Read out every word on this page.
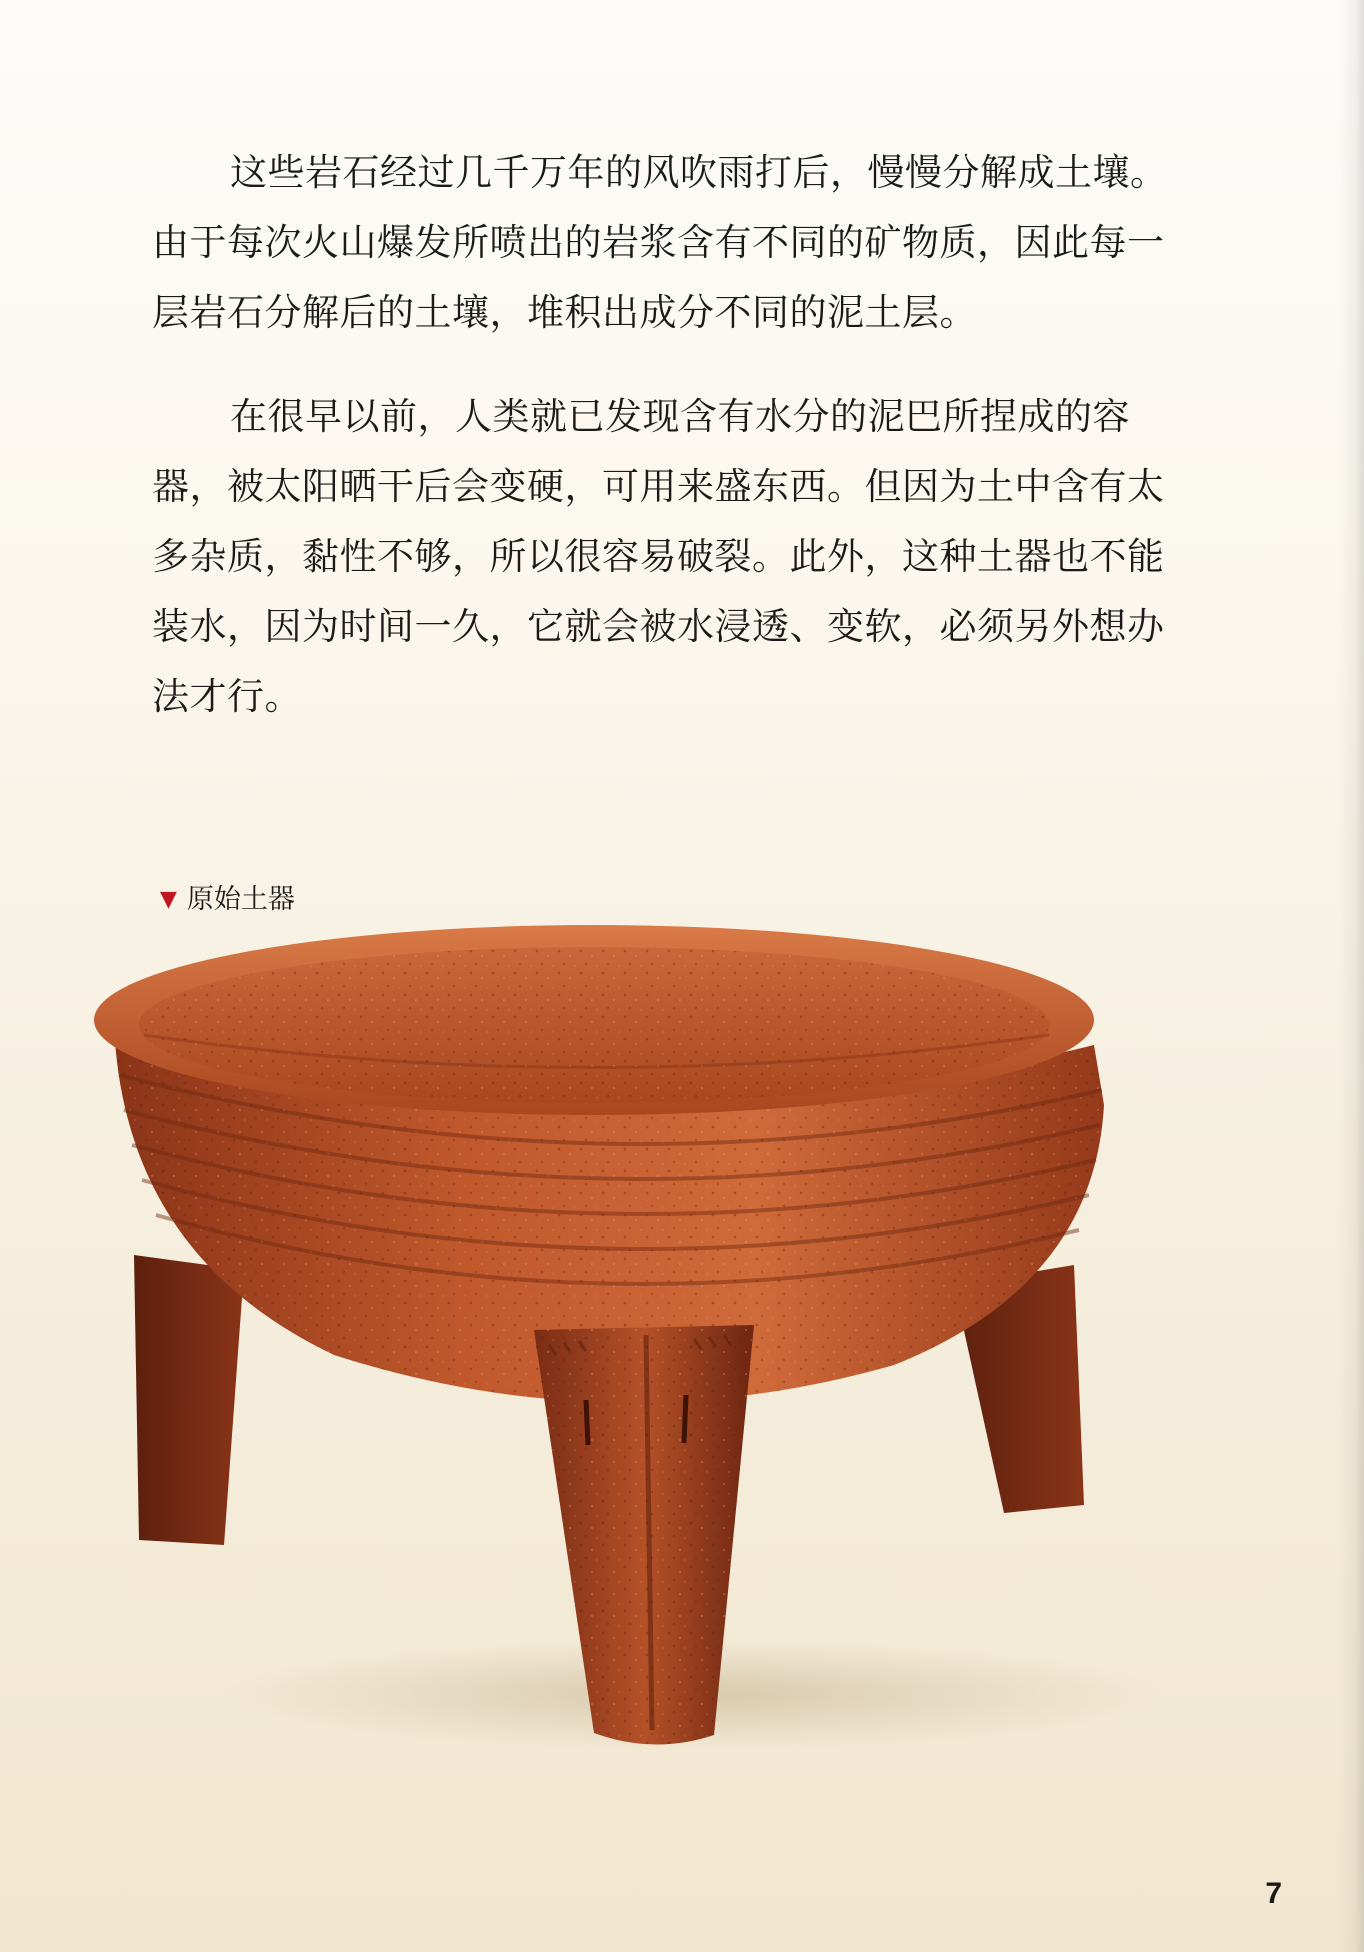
这些岩石经过几千万年的风吹雨打后，慢慢分解成土壤。由于每次火山爆发所喷出的岩浆含有不同的矿物质，因此每一层岩石分解后的土壤，堆积出成分不同的泥土层。

在很早以前，人类就已发现含有水分的泥巴所捏成的容器，被太阳晒干后会变硬，可用来盛东西。但因为土中含有太多杂质，黏性不够，所以很容易破裂。此外，这种土器也不能装水，因为时间一久，它就会被水浸透、变软，必须另外想办法才行。

▼ 原始土器
7
